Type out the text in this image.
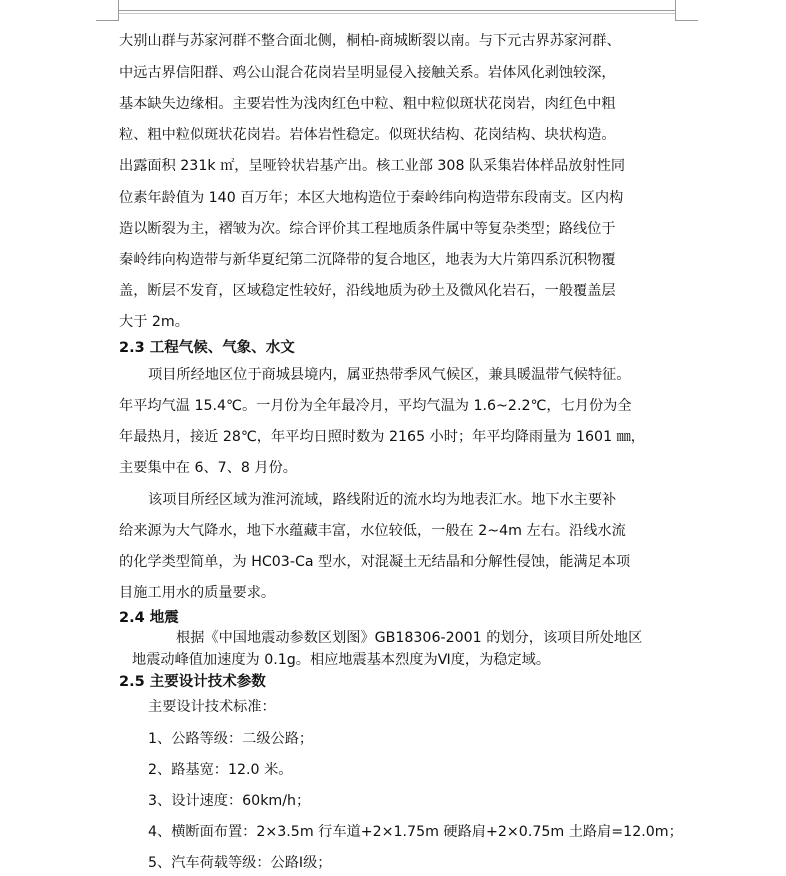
大别山群与苏家河群不整合面北侧，桐柏-商城断裂以南。与下元古界苏家河群、
中远古界信阳群、鸡公山混合花岗岩呈明显侵入接触关系。岩体风化剥蚀较深，
基本缺失边缘相。主要岩性为浅肉红色中粒、粗中粒似斑状花岗岩，肉红色中粗
粒、粗中粒似斑状花岗岩。岩体岩性稳定。似斑状结构、花岗结构、块状构造。
出露面积 231k ㎡，呈哑铃状岩基产出。核工业部 308 队采集岩体样品放射性同
位素年龄值为 140 百万年；本区大地构造位于秦岭纬向构造带东段南支。区内构
造以断裂为主，褶皱为次。综合评价其工程地质条件属中等复杂类型；路线位于
秦岭纬向构造带与新华夏纪第二沉降带的复合地区，地表为大片第四系沉积物覆
盖，断层不发育，区域稳定性较好，沿线地质为砂土及微风化岩石，一般覆盖层
大于 2m。
2.3 工程气候、气象、水文
项目所经地区位于商城县境内，属亚热带季风气候区，兼具暖温带气候特征。
年平均气温 15.4℃。一月份为全年最冷月，平均气温为 1.6~2.2℃，七月份为全
年最热月，接近 28℃，年平均日照时数为 2165 小时；年平均降雨量为 1601 ㎜，
主要集中在 6、7、8 月份。
该项目所经区域为淮河流域，路线附近的流水均为地表汇水。地下水主要补
给来源为大气降水，地下水蕴藏丰富，水位较低，一般在 2~4m 左右。沿线水流
的化学类型简单，为 HC03-Ca 型水，对混凝土无结晶和分解性侵蚀，能满足本项
目施工用水的质量要求。
2.4 地震
根据《中国地震动参数区划图》GB18306-2001 的划分，该项目所处地区
地震动峰值加速度为 0.1g。相应地震基本烈度为Ⅵ度，为稳定域。
2.5 主要设计技术参数
主要设计技术标准：
1、公路等级：二级公路；
2、路基宽：12.0 米。
3、设计速度：60km/h；
4、横断面布置：2×3.5m 行车道+2×1.75m 硬路肩+2×0.75m 土路肩=12.0m；
5、汽车荷载等级：公路Ⅰ级；
